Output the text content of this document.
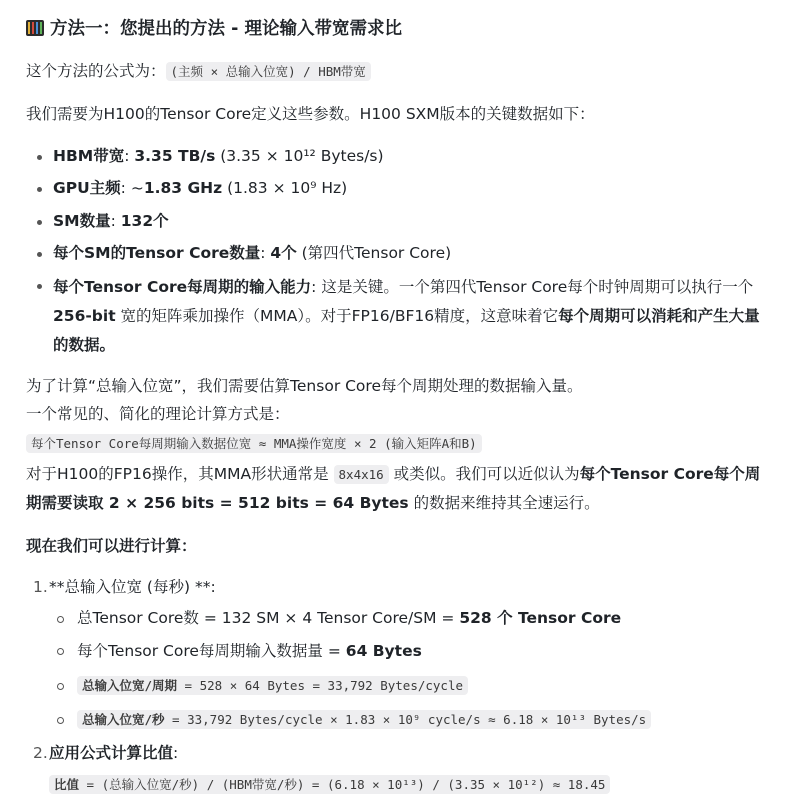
方法一：您提出的方法 - 理论输入带宽需求比
这个方法的公式为： (主频 × 总输入位宽) / HBM带宽
我们需要为H100的Tensor Core定义这些参数。H100 SXM版本的关键数据如下：
HBM带宽: 3.35 TB/s (3.35 × 10¹² Bytes/s)
GPU主频: ~1.83 GHz (1.83 × 10⁹ Hz)
SM数量: 132个
每个SM的Tensor Core数量: 4个 (第四代Tensor Core)
每个Tensor Core每周期的输入能力: 这是关键。一个第四代Tensor Core每个时钟周期可以执行一个256-bit 宽的矩阵乘加操作（MMA）。对于FP16/BF16精度，这意味着它每个周期可以消耗和产生大量的数据。
为了计算“总输入位宽”，我们需要估算Tensor Core每个周期处理的数据输入量。
一个常见的、简化的理论计算方式是：
每个Tensor Core每周期输入数据位宽 ≈ MMA操作宽度 × 2 (输入矩阵A和B)
对于H100的FP16操作，其MMA形状通常是 8x4x16 或类似。我们可以近似认为每个Tensor Core每个周
期需要读取 2 × 256 bits = 512 bits = 64 Bytes 的数据来维持其全速运行。
现在我们可以进行计算：
1. **总输入位宽 (每秒) **:
总Tensor Core数 = 132 SM × 4 Tensor Core/SM = 528 个 Tensor Core
每个Tensor Core每周期输入数据量 = 64 Bytes
总输入位宽/周期 = 528 × 64 Bytes = 33,792 Bytes/cycle
总输入位宽/秒 = 33,792 Bytes/cycle × 1.83 × 10⁹ cycle/s ≈ 6.18 × 10¹³ Bytes/s
2. 应用公式计算比值:
比值 = (总输入位宽/秒) / (HBM带宽/秒) = (6.18 × 10¹³) / (3.35 × 10¹²) ≈ 18.45
